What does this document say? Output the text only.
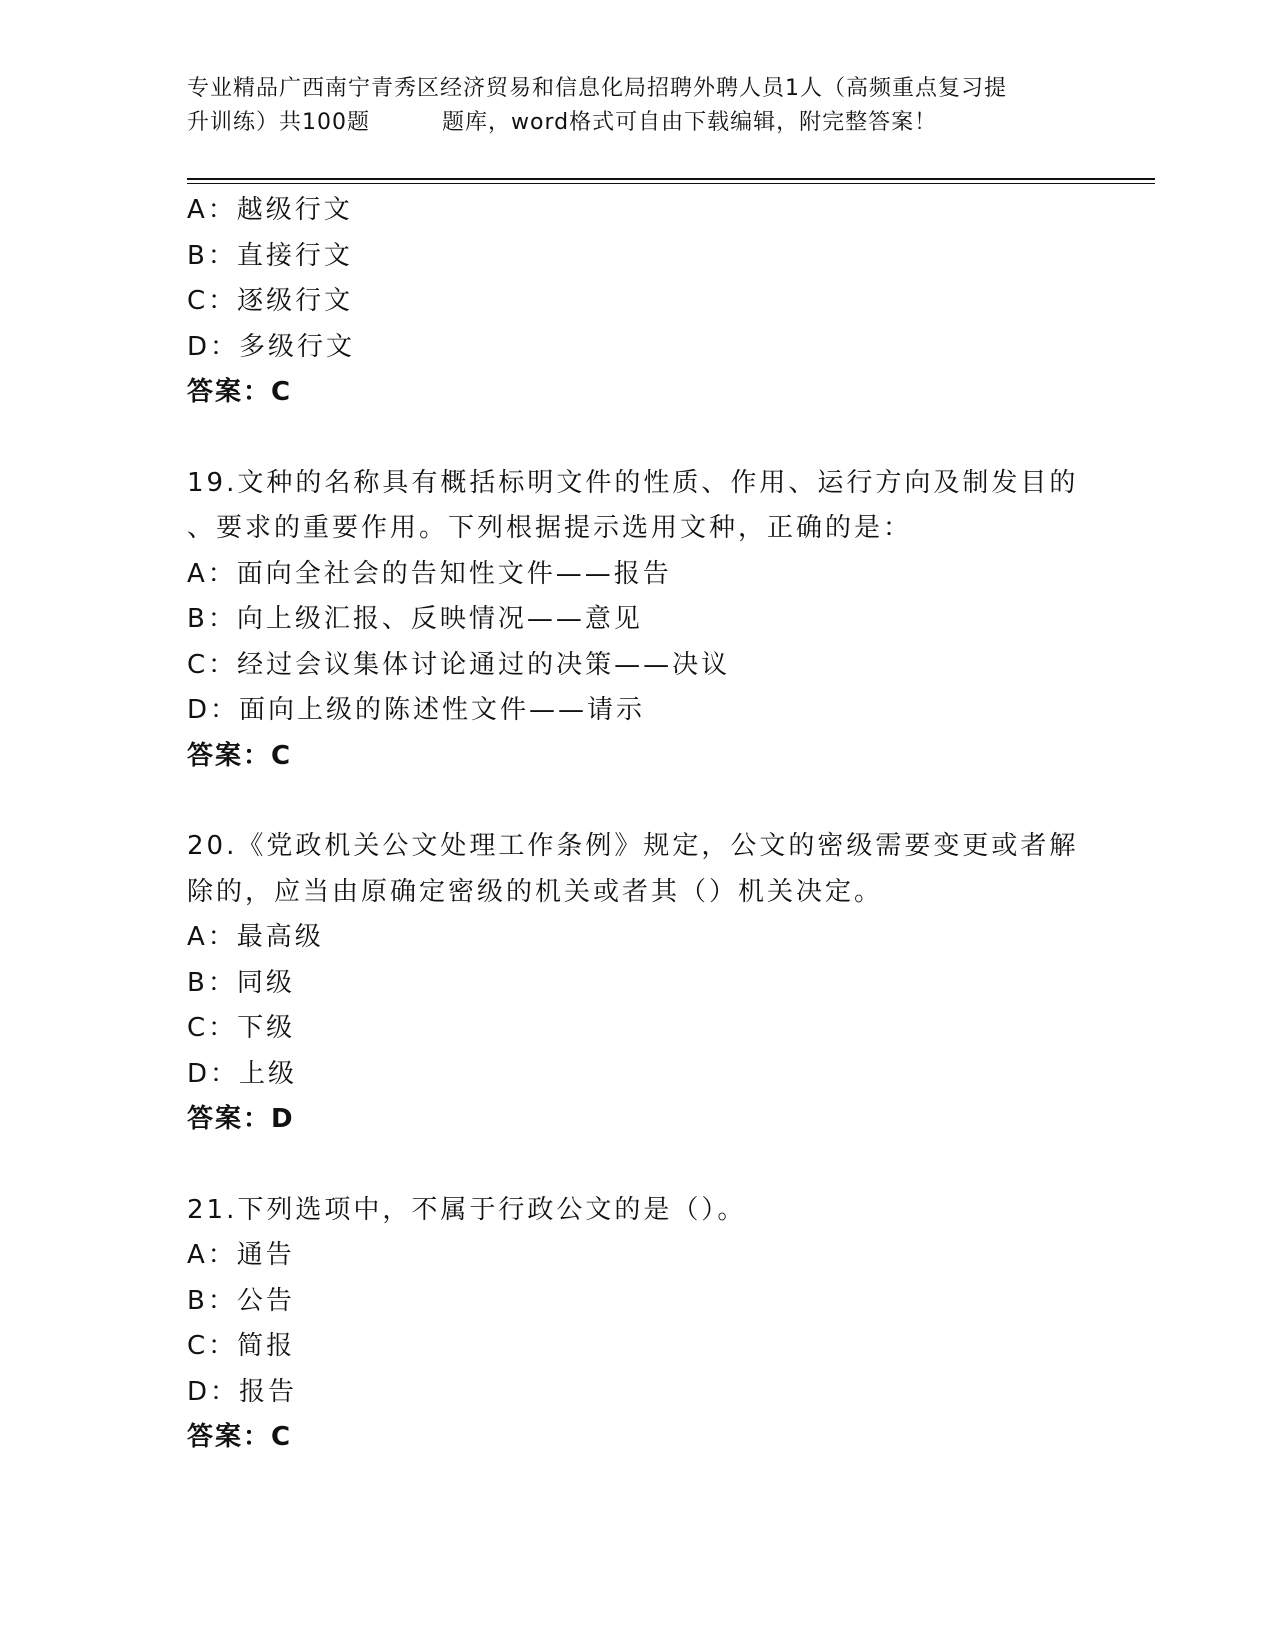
专业精品广西南宁青秀区经济贸易和信息化局招聘外聘人员1人（高频重点复习提
升训练）共100题	题库，word格式可自由下载编辑，附完整答案！
A：越级行文
B：直接行文
C：逐级行文
D：多级行文
答案：C
19.文种的名称具有概括标明文件的性质、作用、运行方向及制发目的
、要求的重要作用。下列根据提示选用文种，正确的是：
A：面向全社会的告知性文件——报告
B：向上级汇报、反映情况——意见
C：经过会议集体讨论通过的决策——决议
D：面向上级的陈述性文件——请示
答案：C
20.《党政机关公文处理工作条例》规定，公文的密级需要变更或者解
除的，应当由原确定密级的机关或者其（）机关决定。
A：最高级
B：同级
C：下级
D：上级
答案：D
21.下列选项中，不属于行政公文的是（）。
A：通告
B：公告
C：简报
D：报告
答案：C
